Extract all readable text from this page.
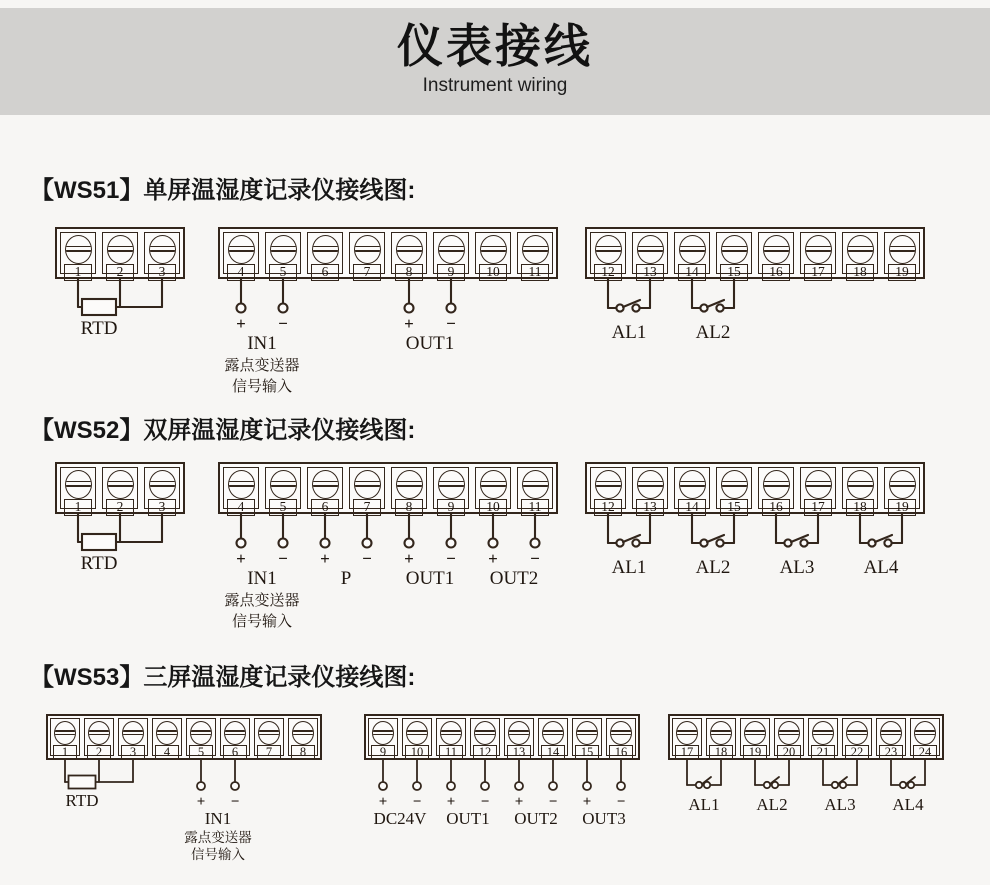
仪表接线
Instrument wiring
【WS51】单屏温湿度记录仪接线图:
1	2	3
RTD
4	5	6	7	8	9	10	11
+ −
IN1
露点变送器
信号输入
+ −
OUT1
12	13	14	15	16	17	18	19
AL1	AL2
【WS52】双屏温湿度记录仪接线图:
1	2	3
RTD
4	5	6	7	8	9	10	11
+ −
IN1
露点变送器
信号输入
+ −
P
+ −
OUT1
+ −
OUT2
12	13	14	15	16	17	18	19
AL1	AL2	AL3	AL4
【WS53】三屏温湿度记录仪接线图:
1	2	3	4	5	6	7	8
RTD	+ −
IN1
露点变送器
信号输入
9	10	11	12	13	14	15	16
+ −
DC24V
+ −
OUT1
+ −
OUT2
+ −
OUT3
17	18	19	20	21	22	23	24
AL1 AL2 AL3 AL4
